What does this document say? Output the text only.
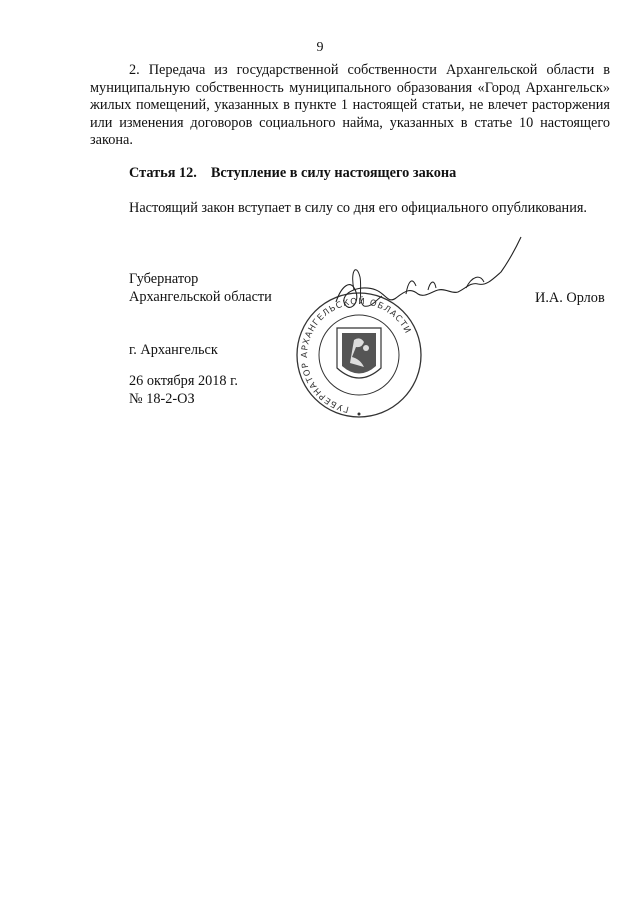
9
2. Передача из государственной собственности Архангельской области в муниципальную собственность муниципального образования «Город Архангельск» жилых помещений, указанных в пункте 1 настоящей статьи, не влечет расторжения или изменения договоров социального найма, указанных в статье 10 настоящего закона.
Статья 12. Вступление в силу настоящего закона
Настоящий закон вступает в силу со дня его официального опубликования.
Губернатор
Архангельской области	И.А. Орлов
ГУБЕРНАТОР АРХАНГЕЛЬСКОЙ ОБЛАСТИ
г. Архангельск
26 октября 2018 г.
№ 18-2-ОЗ
